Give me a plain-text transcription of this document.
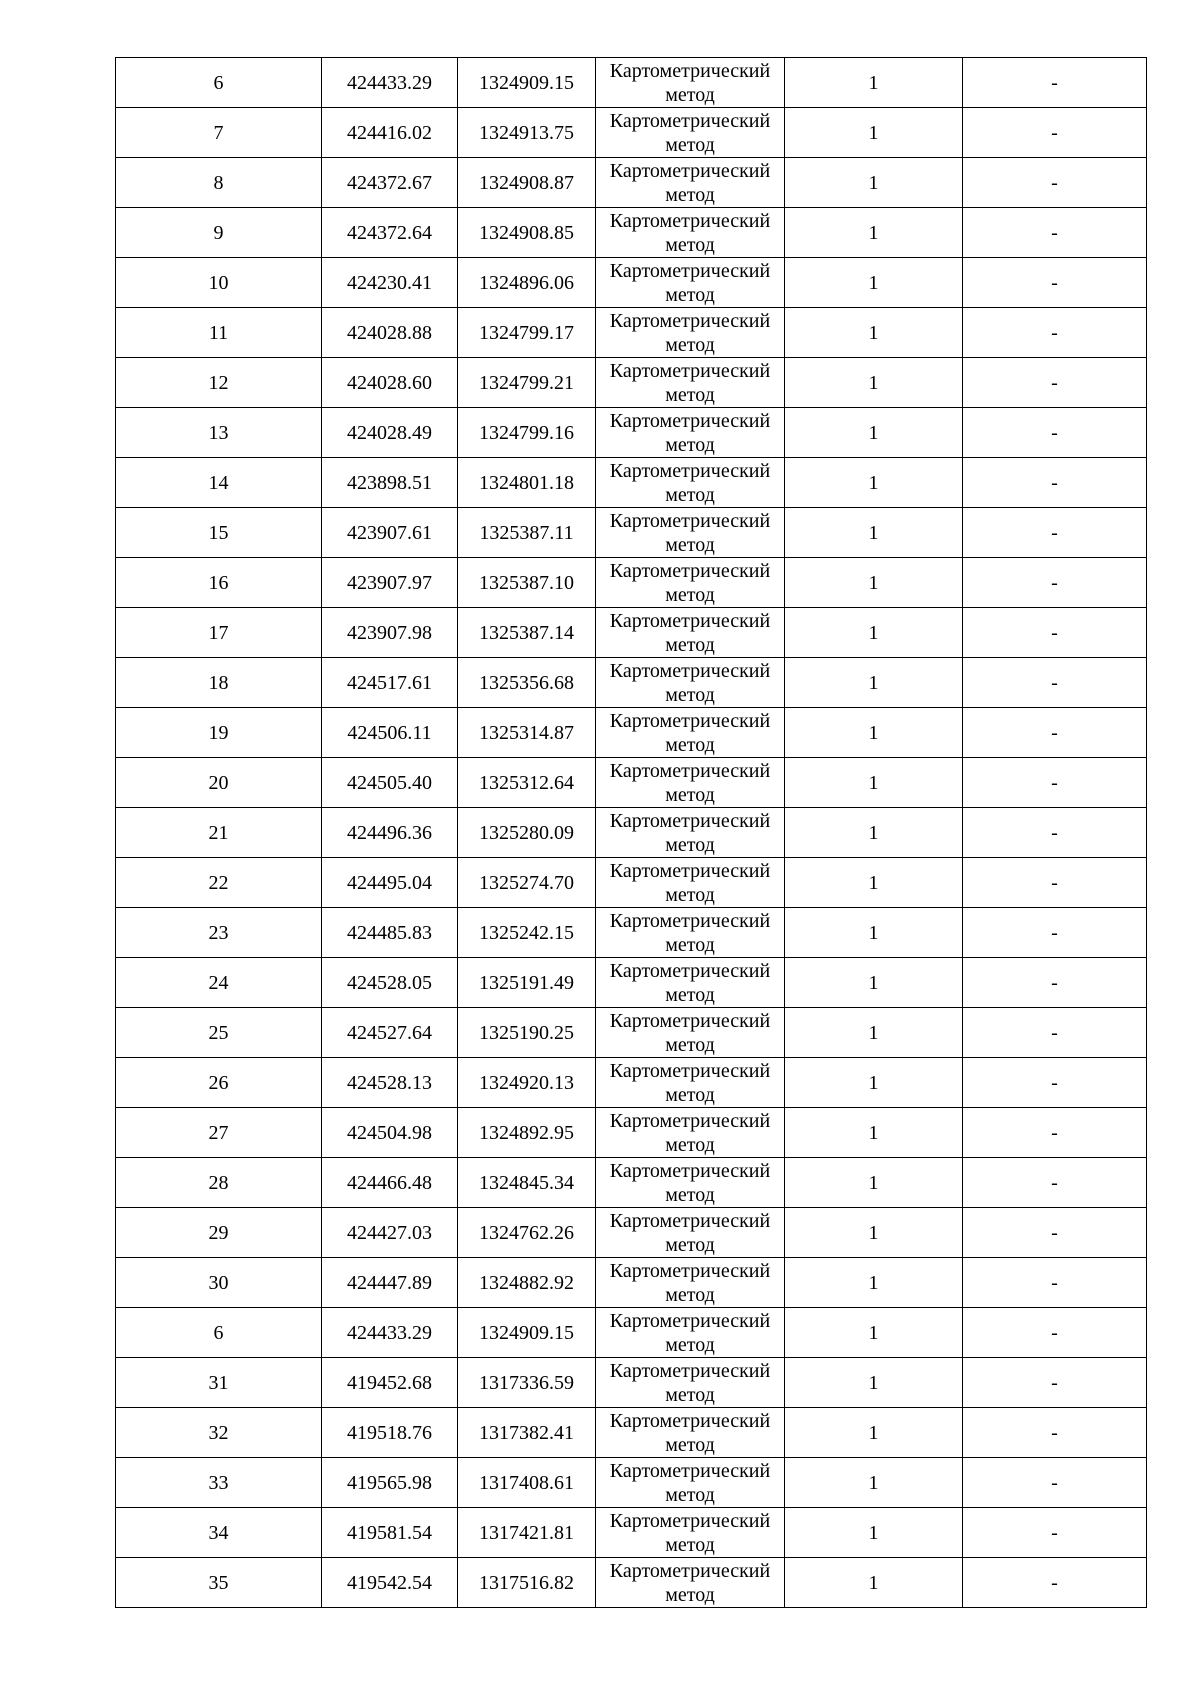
6	424433.29	1324909.15	Картометрический метод	1	-
7	424416.02	1324913.75	Картометрический метод	1	-
8	424372.67	1324908.87	Картометрический метод	1	-
9	424372.64	1324908.85	Картометрический метод	1	-
10	424230.41	1324896.06	Картометрический метод	1	-
11	424028.88	1324799.17	Картометрический метод	1	-
12	424028.60	1324799.21	Картометрический метод	1	-
13	424028.49	1324799.16	Картометрический метод	1	-
14	423898.51	1324801.18	Картометрический метод	1	-
15	423907.61	1325387.11	Картометрический метод	1	-
16	423907.97	1325387.10	Картометрический метод	1	-
17	423907.98	1325387.14	Картометрический метод	1	-
18	424517.61	1325356.68	Картометрический метод	1	-
19	424506.11	1325314.87	Картометрический метод	1	-
20	424505.40	1325312.64	Картометрический метод	1	-
21	424496.36	1325280.09	Картометрический метод	1	-
22	424495.04	1325274.70	Картометрический метод	1	-
23	424485.83	1325242.15	Картометрический метод	1	-
24	424528.05	1325191.49	Картометрический метод	1	-
25	424527.64	1325190.25	Картометрический метод	1	-
26	424528.13	1324920.13	Картометрический метод	1	-
27	424504.98	1324892.95	Картометрический метод	1	-
28	424466.48	1324845.34	Картометрический метод	1	-
29	424427.03	1324762.26	Картометрический метод	1	-
30	424447.89	1324882.92	Картометрический метод	1	-
6	424433.29	1324909.15	Картометрический метод	1	-
31	419452.68	1317336.59	Картометрический метод	1	-
32	419518.76	1317382.41	Картометрический метод	1	-
33	419565.98	1317408.61	Картометрический метод	1	-
34	419581.54	1317421.81	Картометрический метод	1	-
35	419542.54	1317516.82	Картометрический метод	1	-
